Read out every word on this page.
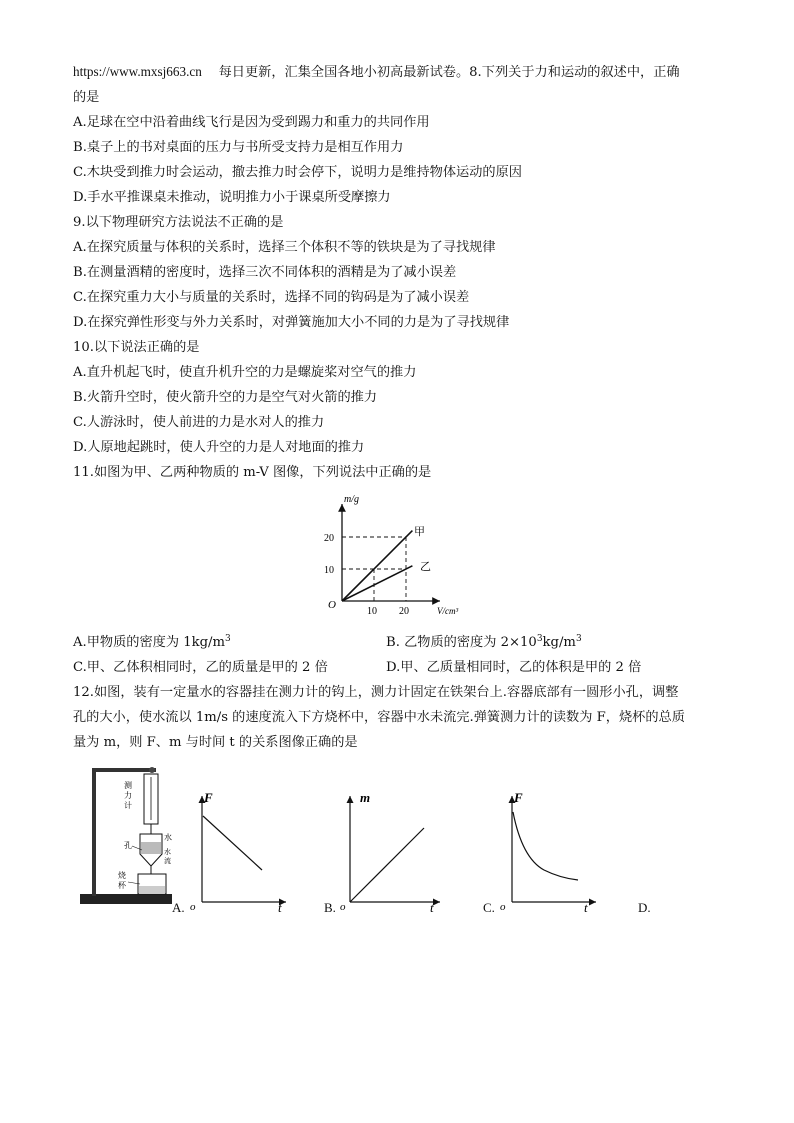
https://www.mxsj663.cn 每日更新，汇集全国各地小初高最新试卷。8.下列关于力和运动的叙述中，正确
的是
A.足球在空中沿着曲线飞行是因为受到踢力和重力的共同作用
B.桌子上的书对桌面的压力与书所受支持力是相互作用力
C.木块受到推力时会运动，撤去推力时会停下，说明力是维持物体运动的原因
D.手水平推课桌未推动，说明推力小于课桌所受摩擦力
9.以下物理研究方法说法不正确的是
A.在探究质量与体积的关系时，选择三个体积不等的铁块是为了寻找规律
B.在测量酒精的密度时，选择三次不同体积的酒精是为了减小误差
C.在探究重力大小与质量的关系时，选择不同的钩码是为了减小误差
D.在探究弹性形变与外力关系时，对弹簧施加大小不同的力是为了寻找规律
10.以下说法正确的是
A.直升机起飞时，使直升机升空的力是螺旋桨对空气的推力
B.火箭升空时，使火箭升空的力是空气对火箭的推力
C.人游泳时，使人前进的力是水对人的推力
D.人原地起跳时，使人升空的力是人对地面的推力
11.如图为甲、乙两种物质的 m-V 图像，下列说法中正确的是
m/g
V/cm³
O
10 20
20
10
甲
乙
A.甲物质的密度为 $1kg/m^3$	B. 乙物质的密度为 $2\times 10^3kg/m^3$
C.甲、乙体积相同时，乙的质量是甲的 2 倍	D.甲、乙质量相同时，乙的体积是甲的 2 倍
12.如图，装有一定量水的容器挂在测力计的钩上，测力计固定在铁架台上.容器底部有一圆形小孔，调整
孔的大小，使水流以 1m/s 的速度流入下方烧杯中，容器中水未流完.弹簧测力计的读数为 F，烧杯的总质
量为 m，则 F、m 与时间 t 的关系图像正确的是
测
力
计
孔
水
水
流
烧
杯
A.
F
t
o	B.
m
t
o	C.
F
t
o	D.
